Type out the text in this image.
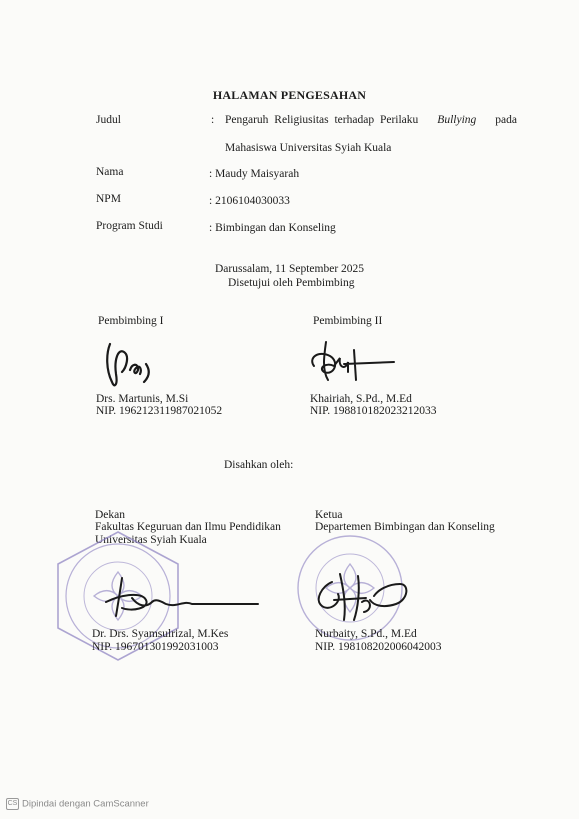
HALAMAN PENGESAHAN
Judul	: Pengaruh Religiusitas terhadap Perilaku Bullying pada
Mahasiswa Universitas Syiah Kuala
Nama	: Maudy Maisyarah
NPM	: 2106104030033
Program Studi	: Bimbingan dan Konseling
Darussalam, 11 September 2025
Disetujui oleh Pembimbing
Pembimbing I
Drs. Martunis, M.Si
NIP. 196212311987021052
Pembimbing II
Khairiah, S.Pd., M.Ed
NIP. 198810182023212033
Disahkan oleh:
Dekan
Fakultas Keguruan dan Ilmu Pendidikan
Universitas Syiah Kuala
Dr. Drs. Syamsulrizal, M.Kes
NIP. 196701301992031003
Ketua
Departemen Bimbingan dan Konseling
Nurbaity, S.Pd., M.Ed
NIP. 198108202006042003
CS Dipindai dengan CamScanner
